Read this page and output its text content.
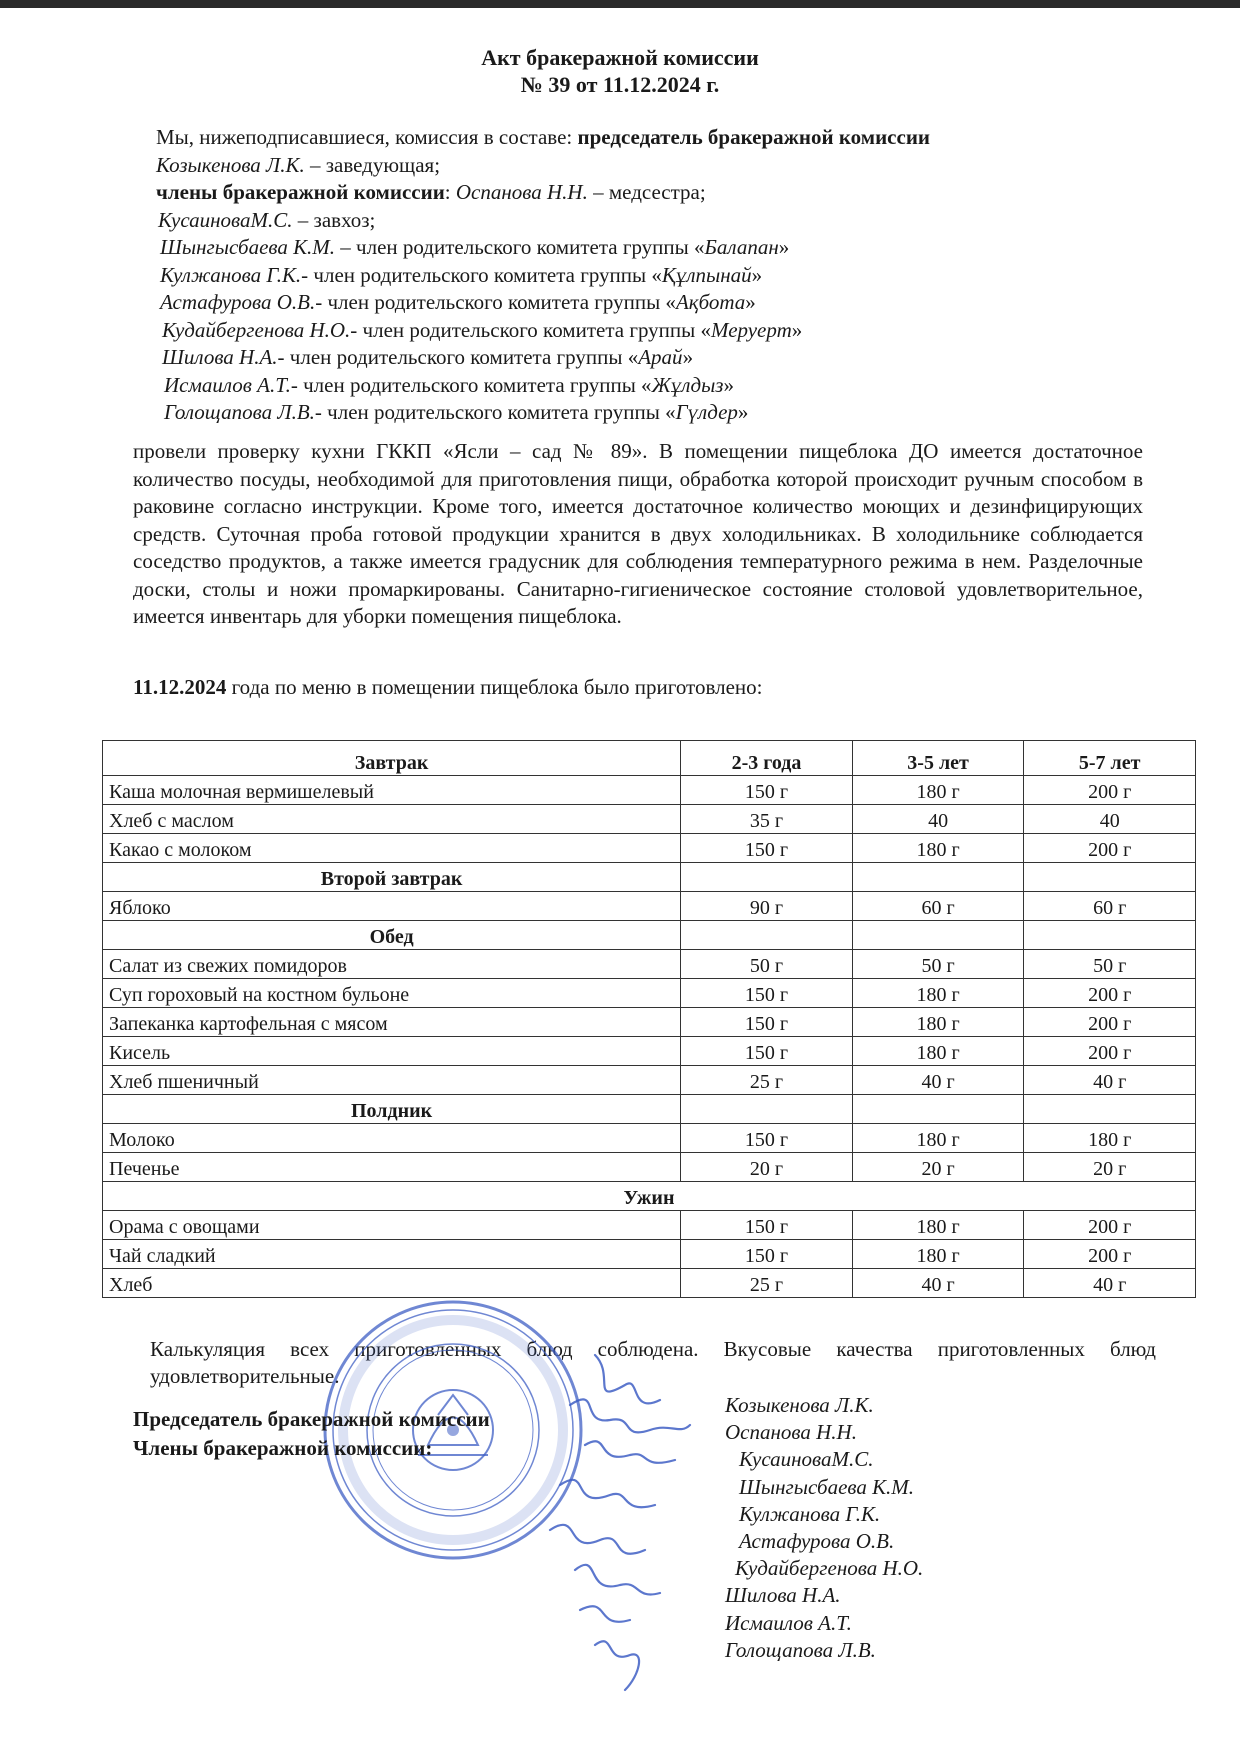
Акт бракеражной комиссии
№ 39 от 11.12.2024 г.
Мы, нижеподписавшиеся, комиссия в составе: председатель бракеражной комиссии
Козыкенова Л.К. – заведующая;
члены бракеражной комиссии: Оспанова Н.Н. – медсестра;
КусаиноваМ.С. – завхоз;
Шынгысбаева К.М. – член родительского комитета группы «Балапан»
Кулжанова Г.К.- член родительского комитета группы «Құлпынай»
Астафурова О.В.- член родительского комитета группы «Ақбота»
Кудайбергенова Н.О.- член родительского комитета группы «Меруерт»
Шилова Н.А.- член родительского комитета группы «Арай»
Исмаилов А.Т.- член родительского комитета группы «Жұлдыз»
Голощапова Л.В.- член родительского комитета группы «Гүлдер»
провели проверку кухни ГККП «Ясли – сад № 89». В помещении пищеблока ДО имеется достаточное количество посуды, необходимой для приготовления пищи, обработка которой происходит ручным способом в раковине согласно инструкции. Кроме того, имеется достаточное количество моющих и дезинфицирующих средств. Суточная проба готовой продукции хранится в двух холодильниках. В холодильнике соблюдается соседство продуктов, а также имеется градусник для соблюдения температурного режима в нем. Разделочные доски, столы и ножи промаркированы. Санитарно-гигиеническое состояние столовой удовлетворительное, имеется инвентарь для уборки помещения пищеблока.
11.12.2024 года по меню в помещении пищеблока было приготовлено:
Завтрак	2-3 года	3-5 лет	5-7 лет
Каша молочная вермишелевый	150 г	180 г	200 г
Хлеб с маслом	35 г	40	40
Какао с молоком	150 г	180 г	200 г
Второй завтрак			
Яблоко	90 г	60 г	60 г
Обед			
Салат из свежих помидоров	50 г	50 г	50 г
Суп гороховый на костном бульоне	150 г	180 г	200 г
Запеканка картофельная с мясом	150 г	180 г	200 г
Кисель	150 г	180 г	200 г
Хлеб пшеничный	25 г	40 г	40 г
Полдник			
Молоко	150 г	180 г	180 г
Печенье	20 г	20 г	20 г
Ужин			
Орама с овощами	150 г	180 г	200 г
Чай сладкий	150 г	180 г	200 г
Хлеб	25 г	40 г	40 г
Калькуляция всех приготовленных блюд соблюдена. Вкусовые качества приготовленных блюд удовлетворительные.
Председатель бракеражной комиссии
Члены бракеражной комиссии:
Козыкенова Л.К.
Оспанова Н.Н.
КусаиноваМ.С.
Шынгысбаева К.М.
Кулжанова Г.К.
Астафурова О.В.
Кудайбергенова Н.О.
Шилова Н.А.
Исмаилов А.Т.
Голощапова Л.В.
